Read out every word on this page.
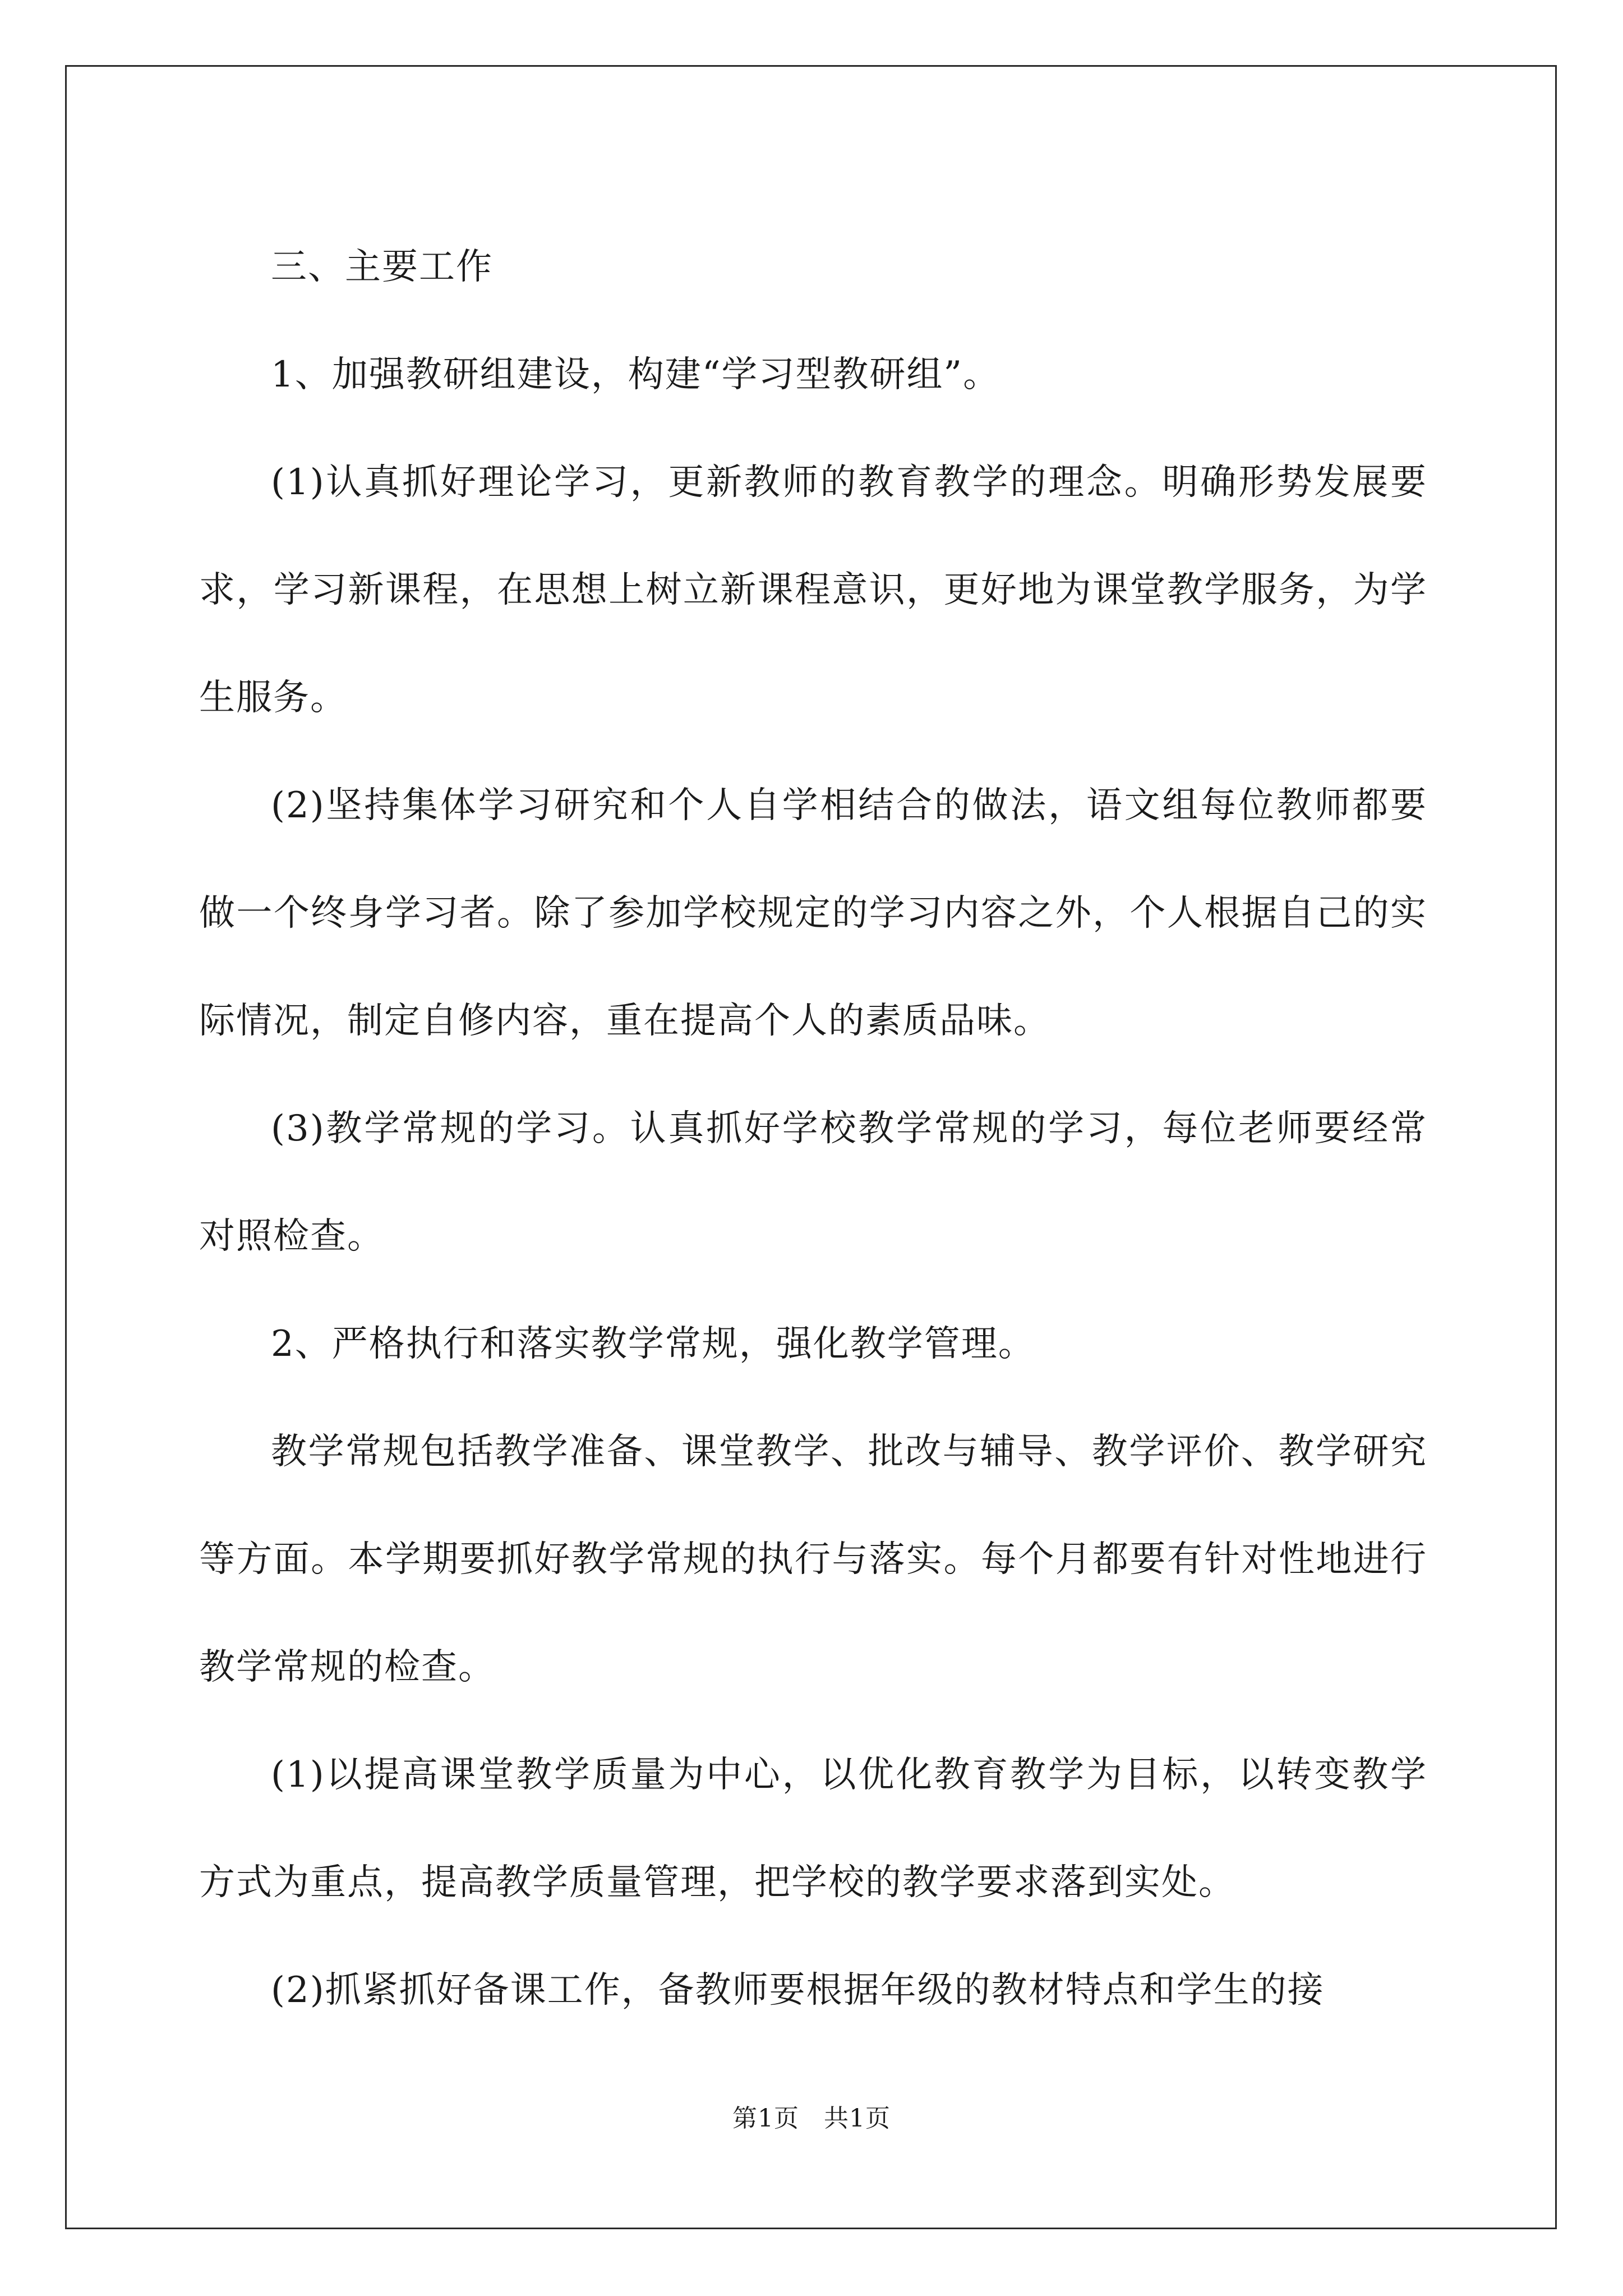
三、主要工作

1、加强教研组建设，构建“学习型教研组”。

(1)认真抓好理论学习，更新教师的教育教学的理念。明确形势发展要求，学习新课程，在思想上树立新课程意识，更好地为课堂教学服务，为学生服务。

(2)坚持集体学习研究和个人自学相结合的做法，语文组每位教师都要做一个终身学习者。除了参加学校规定的学习内容之外，个人根据自己的实际情况，制定自修内容，重在提高个人的素质品味。

(3)教学常规的学习。认真抓好学校教学常规的学习，每位老师要经常对照检查。

2、严格执行和落实教学常规，强化教学管理。

教学常规包括教学准备、课堂教学、批改与辅导、教学评价、教学研究等方面。本学期要抓好教学常规的执行与落实。每个月都要有针对性地进行教学常规的检查。

(1)以提高课堂教学质量为中心，以优化教育教学为目标，以转变教学方式为重点，提高教学质量管理，把学校的教学要求落到实处。

(2)抓紧抓好备课工作，备教师要根据年级的教材特点和学生的接

第1页 共1页
